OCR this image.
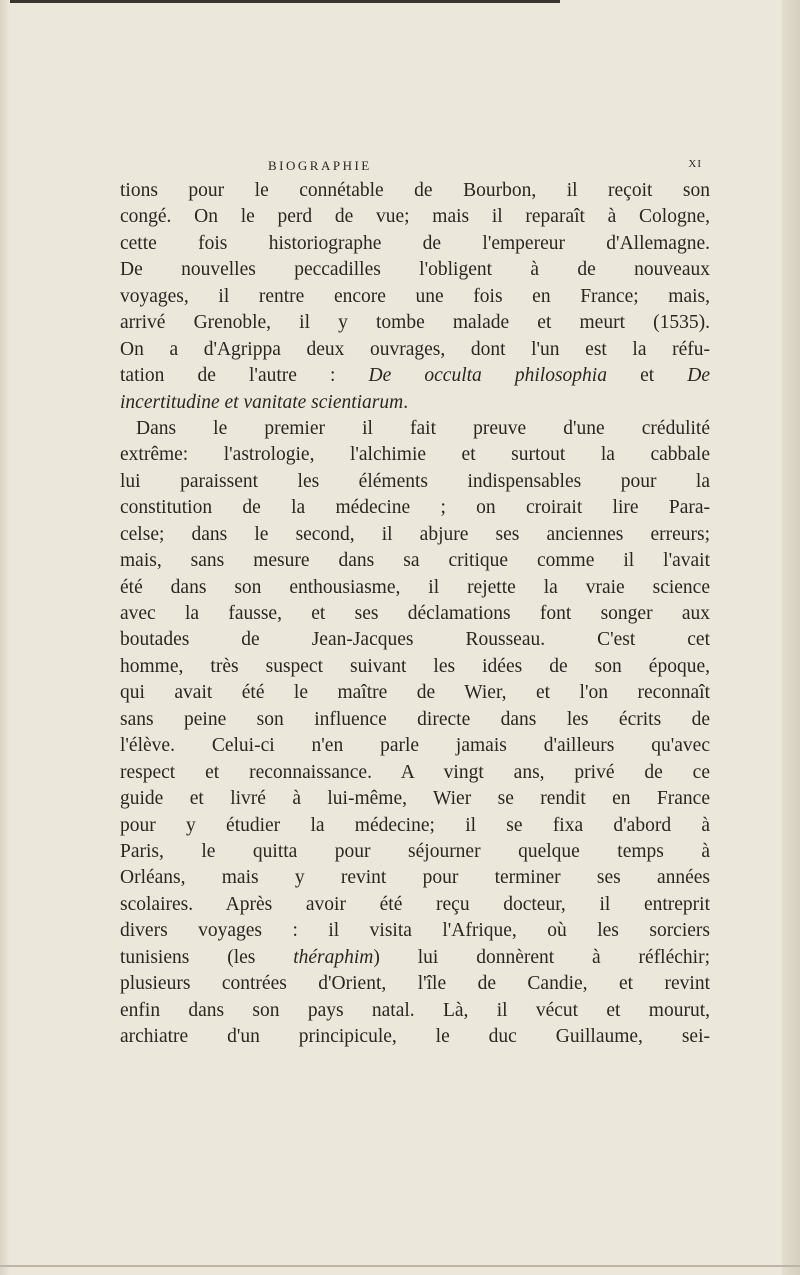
BIOGRAPHIE	XI
tions pour le connétable de Bourbon, il reçoit son
congé. On le perd de vue; mais il reparaît à Cologne,
cette fois historiographe de l'empereur d'Allemagne.
De nouvelles peccadilles l'obligent à de nouveaux
voyages, il rentre encore une fois en France; mais,
arrivé Grenoble, il y tombe malade et meurt (1535).
On a d'Agrippa deux ouvrages, dont l'un est la réfu-
tation de l'autre : De occulta philosophia et De
incertitudine et vanitate scientiarum.
Dans le premier il fait preuve d'une crédulité
extrême: l'astrologie, l'alchimie et surtout la cabbale
lui paraissent les éléments indispensables pour la
constitution de la médecine ; on croirait lire Para-
celse; dans le second, il abjure ses anciennes erreurs;
mais, sans mesure dans sa critique comme il l'avait
été dans son enthousiasme, il rejette la vraie science
avec la fausse, et ses déclamations font songer aux
boutades de Jean-Jacques Rousseau. C'est cet
homme, très suspect suivant les idées de son époque,
qui avait été le maître de Wier, et l'on reconnaît
sans peine son influence directe dans les écrits de
l'élève. Celui-ci n'en parle jamais d'ailleurs qu'avec
respect et reconnaissance. A vingt ans, privé de ce
guide et livré à lui-même, Wier se rendit en France
pour y étudier la médecine; il se fixa d'abord à
Paris, le quitta pour séjourner quelque temps à
Orléans, mais y revint pour terminer ses années
scolaires. Après avoir été reçu docteur, il entreprit
divers voyages : il visita l'Afrique, où les sorciers
tunisiens (les théraphim) lui donnèrent à réfléchir;
plusieurs contrées d'Orient, l'île de Candie, et revint
enfin dans son pays natal. Là, il vécut et mourut,
archiatre d'un principicule, le duc Guillaume, sei-
